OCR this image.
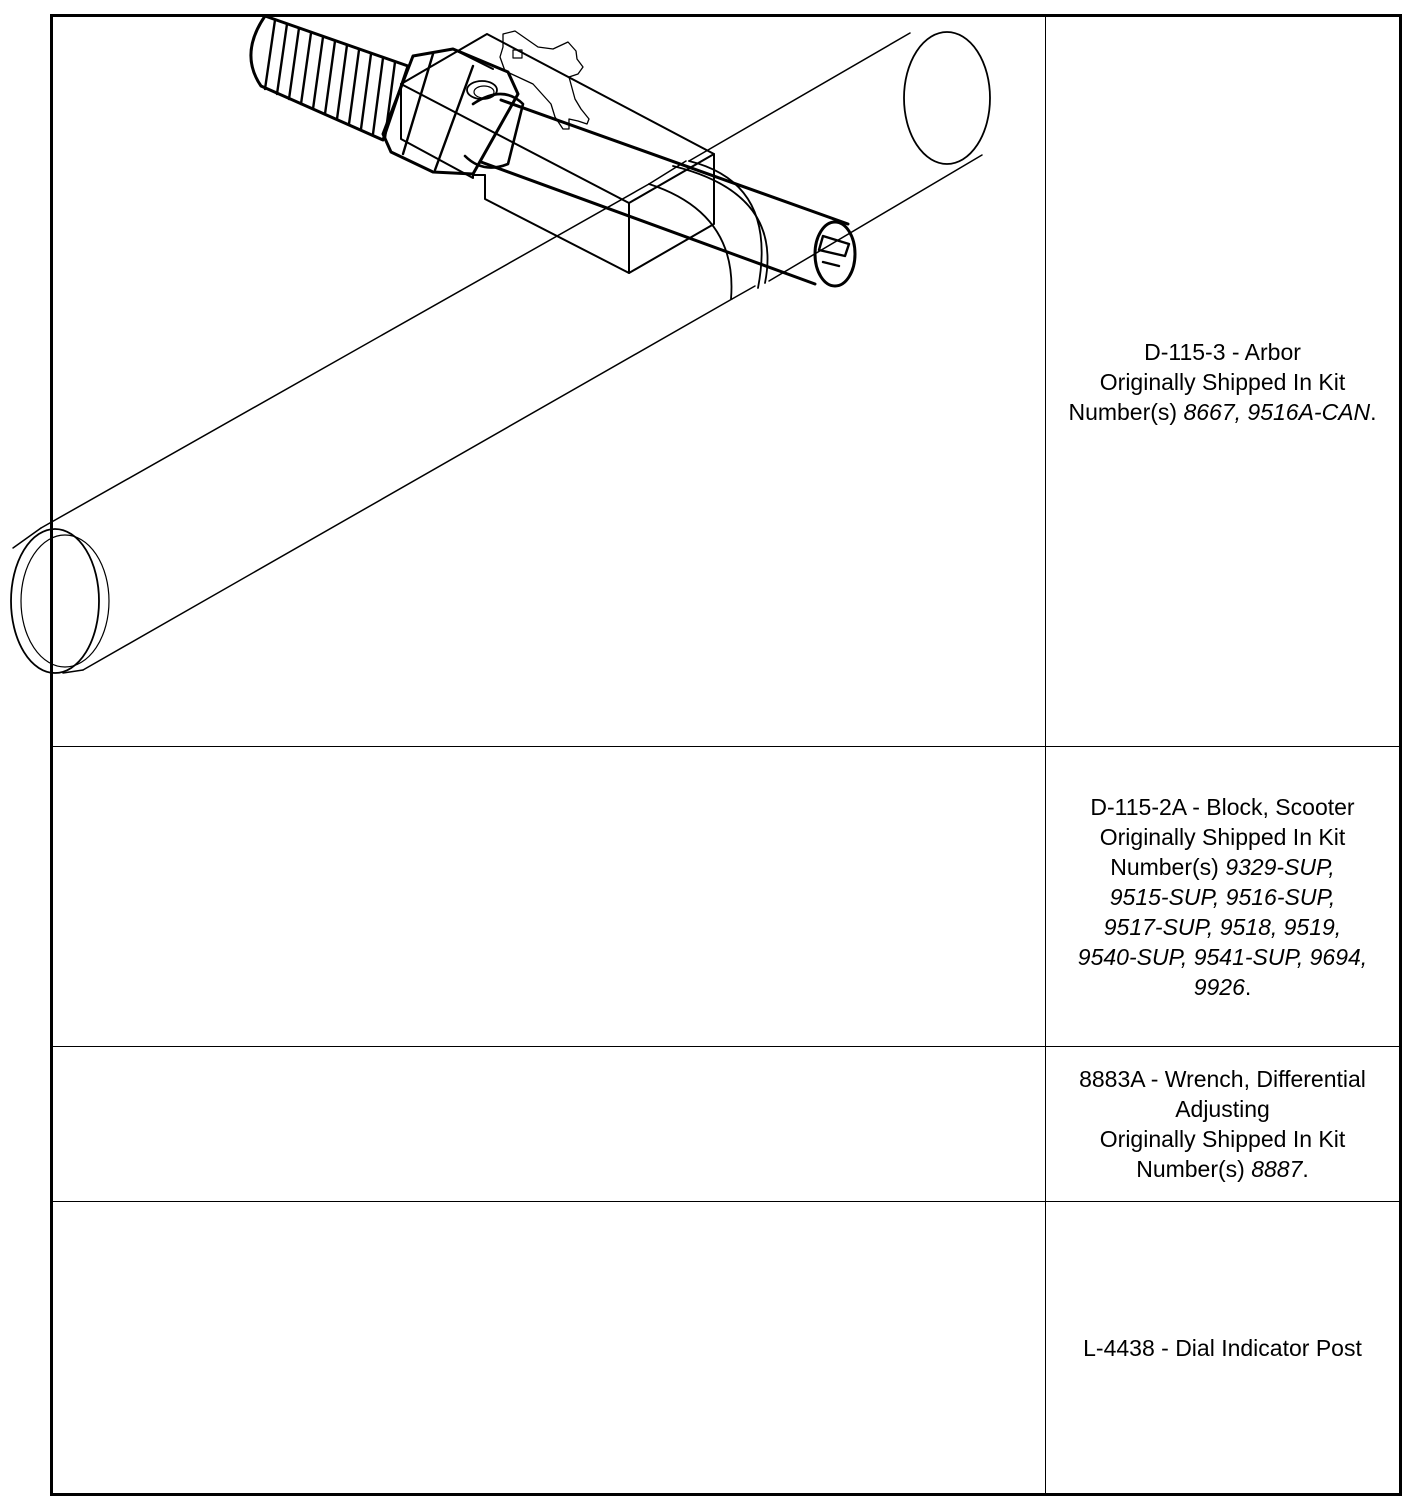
D-115-3 - Arbor
Originally Shipped In Kit
Number(s) 8667, 9516A-CAN.
D-115-2A - Block, Scooter
Originally Shipped In Kit
Number(s) 9329-SUP,
9515-SUP, 9516-SUP,
9517-SUP, 9518, 9519,
9540-SUP, 9541-SUP, 9694,
9926.
8883A - Wrench, Differential
Adjusting
Originally Shipped In Kit
Number(s) 8887.
L-4438 - Dial Indicator Post
